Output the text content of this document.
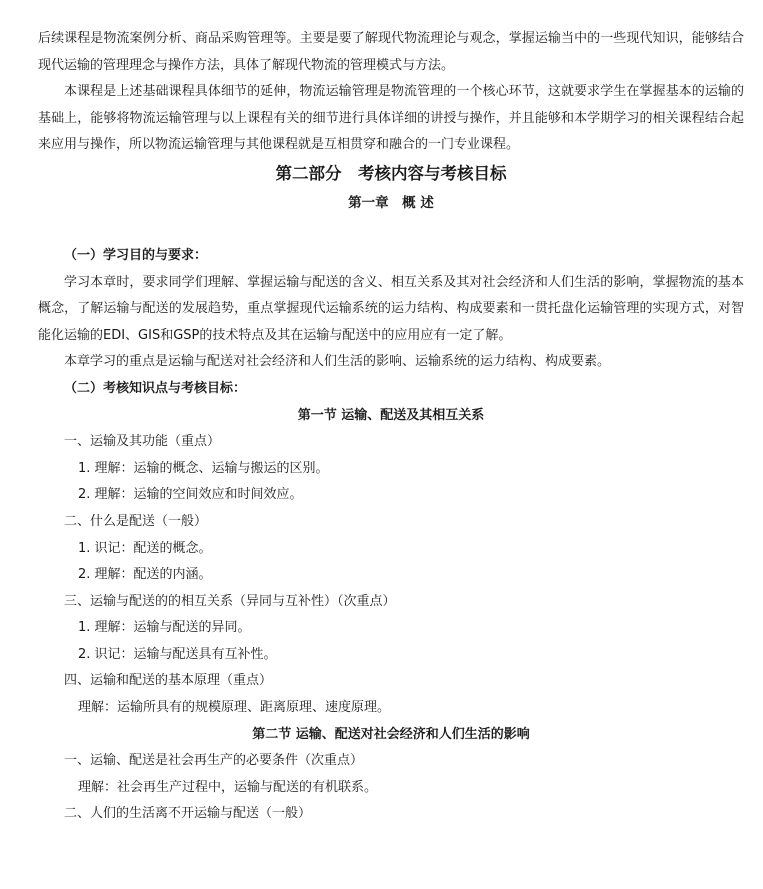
后续课程是物流案例分析、商品采购管理等。主要是要了解现代物流理论与观念，掌握运输当中的一些现代知识，能够结合现代运输的管理理念与操作方法，具体了解现代物流的管理模式与方法。

本课程是上述基础课程具体细节的延伸，物流运输管理是物流管理的一个核心环节，这就要求学生在掌握基本的运输的基础上，能够将物流运输管理与以上课程有关的细节进行具体详细的讲授与操作，并且能够和本学期学习的相关课程结合起来应用与操作，所以物流运输管理与其他课程就是互相贯穿和融合的一门专业课程。

第二部分　考核内容与考核目标
第一章　概 述

（一）学习目的与要求：

学习本章时，要求同学们理解、掌握运输与配送的含义、相互关系及其对社会经济和人们生活的影响，掌握物流的基本概念，了解运输与配送的发展趋势，重点掌握现代运输系统的运力结构、构成要素和一贯托盘化运输管理的实现方式，对智能化运输的EDI、GIS和GSP的技术特点及其在运输与配送中的应用应有一定了解。

本章学习的重点是运输与配送对社会经济和人们生活的影响、运输系统的运力结构、构成要素。

（二）考核知识点与考核目标：

第一节 运输、配送及其相互关系

一、运输及其功能（重点）

1. 理解：运输的概念、运输与搬运的区别。

2. 理解：运输的空间效应和时间效应。

二、什么是配送（一般）

1. 识记：配送的概念。

2. 理解：配送的内涵。

三、运输与配送的的相互关系（异同与互补性）（次重点）

1. 理解：运输与配送的异同。

2. 识记：运输与配送具有互补性。

四、运输和配送的基本原理（重点）

理解：运输所具有的规模原理、距离原理、速度原理。

第二节 运输、配送对社会经济和人们生活的影响

一、运输、配送是社会再生产的必要条件（次重点）

理解：社会再生产过程中，运输与配送的有机联系。

二、人们的生活离不开运输与配送（一般）
